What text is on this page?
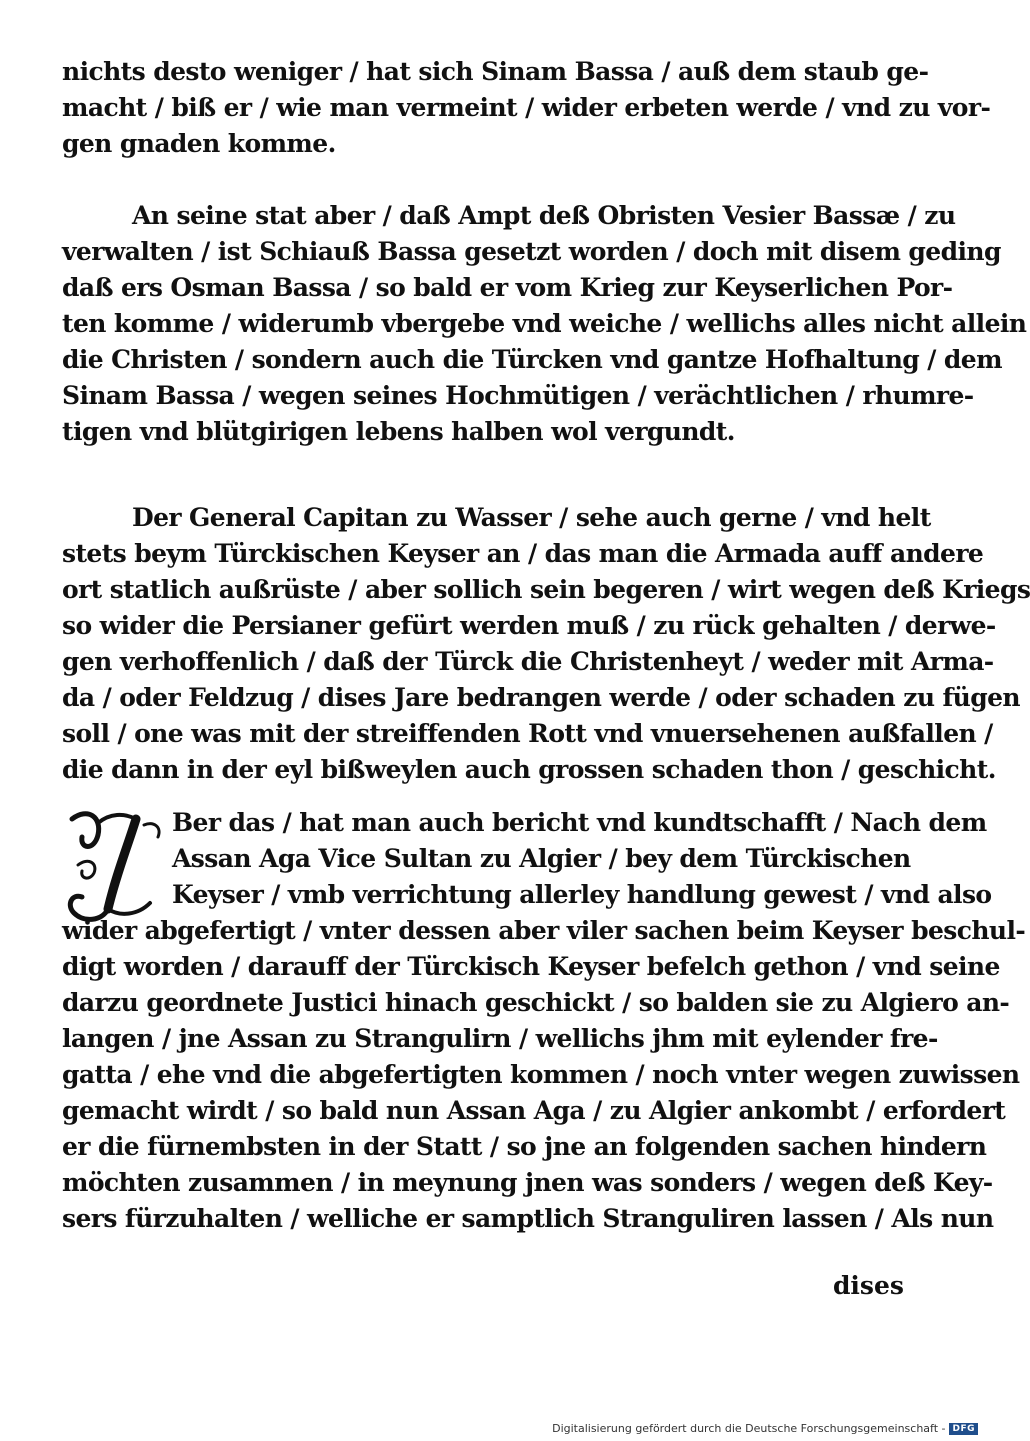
nichts desto weniger / hat sich Sinam Bassa / auß dem staub ge-
macht / biß er / wie man vermeint / wider erbeten werde / vnd zu vor-
gen gnaden komme.
An seine stat aber / daß Ampt deß Obristen Vesier Bassæ / zu
verwalten / ist Schiauß Bassa gesetzt worden / doch mit disem geding
daß ers Osman Bassa / so bald er vom Krieg zur Keyserlichen Por-
ten komme / widerumb vbergebe vnd weiche / wellichs alles nicht allein
die Christen / sondern auch die Türcken vnd gantze Hofhaltung / dem
Sinam Bassa / wegen seines Hochmütigen / verächtlichen / rhumre-
tigen vnd blütgirigen lebens halben wol vergundt.
Der General Capitan zu Wasser / sehe auch gerne / vnd helt
stets beym Türckischen Keyser an / das man die Armada auff andere
ort statlich außrüste / aber sollich sein begeren / wirt wegen deß Kriegs
so wider die Persianer gefürt werden muß / zu rück gehalten / derwe-
gen verhoffenlich / daß der Türck die Christenheyt / weder mit Arma-
da / oder Feldzug / dises Jare bedrangen werde / oder schaden zu fügen
soll / one was mit der streiffenden Rott vnd vnuersehenen außfallen /
die dann in der eyl bißweylen auch grossen schaden thon / geschicht.
Ber das / hat man auch bericht vnd kundtschafft / Nach dem
Assan Aga Vice Sultan zu Algier / bey dem Türckischen
Keyser / vmb verrichtung allerley handlung gewest / vnd also
wider abgefertigt / vnter dessen aber viler sachen beim Keyser beschul-
digt worden / darauff der Türckisch Keyser befelch gethon / vnd seine
darzu geordnete Justici hinach geschickt / so balden sie zu Algiero an-
langen / jne Assan zu Strangulirn / wellichs jhm mit eylender fre-
gatta / ehe vnd die abgefertigten kommen / noch vnter wegen zuwissen
gemacht wirdt / so bald nun Assan Aga / zu Algier ankombt / erfordert
er die fürnembsten in der Statt / so jne an folgenden sachen hindern
möchten zusammen / in meynung jnen was sonders / wegen deß Key-
sers fürzuhalten / welliche er samptlich Stranguliren lassen / Als nun
dises
Digitalisierung gefördert durch die Deutsche Forschungsgemeinschaft - DFG
